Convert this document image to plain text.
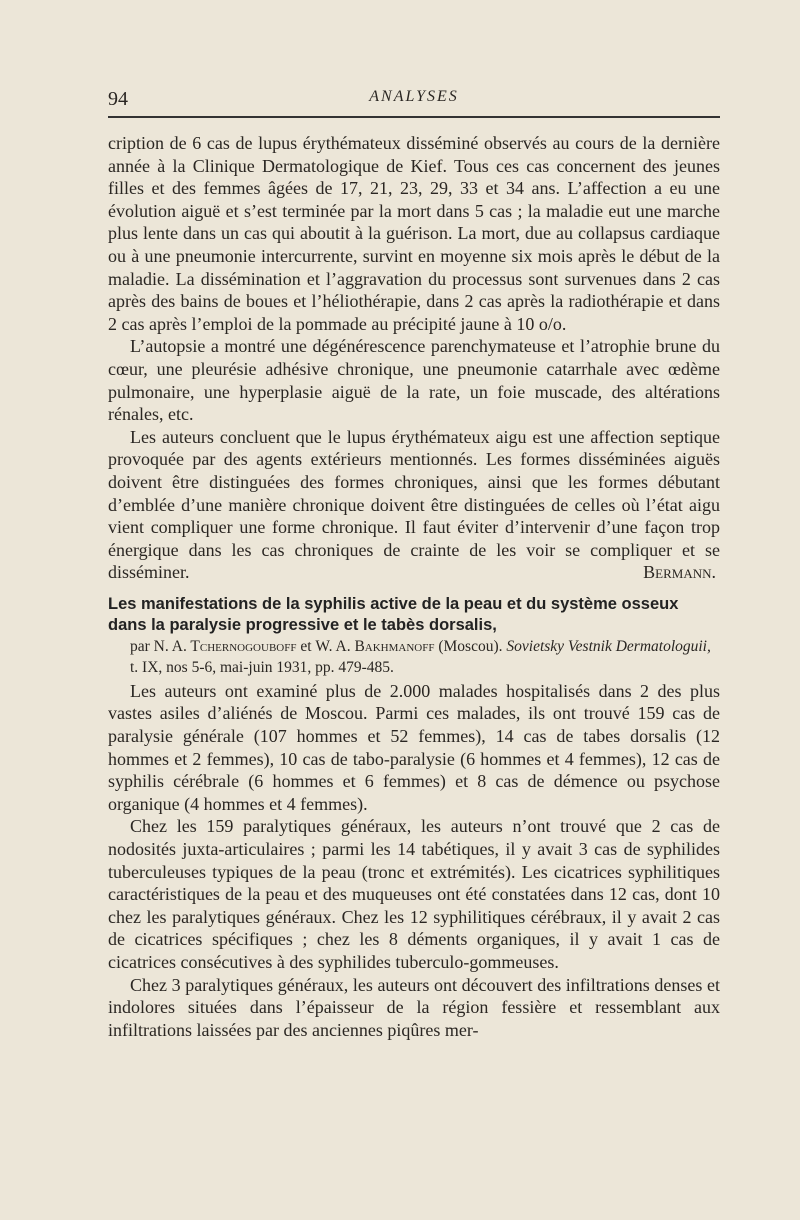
94	ANALYSES

cription de 6 cas de lupus érythémateux disséminé observés au cours de la dernière année à la Clinique Dermatologique de Kief. Tous ces cas concernent des jeunes filles et des femmes âgées de 17, 21, 23, 29, 33 et 34 ans. L’affection a eu une évolution aiguë et s’est terminée par la mort dans 5 cas ; la maladie eut une marche plus lente dans un cas qui aboutit à la guérison. La mort, due au collapsus cardiaque ou à une pneumonie intercurrente, survint en moyenne six mois après le début de la maladie. La dissémination et l’aggravation du processus sont survenues dans 2 cas après des bains de boues et l’héliothérapie, dans 2 cas après la radiothérapie et dans 2 cas après l’emploi de la pommade au précipité jaune à 10 o/o.

L’autopsie a montré une dégénérescence parenchymateuse et l’atrophie brune du cœur, une pleurésie adhésive chronique, une pneumonie catarrhale avec œdème pulmonaire, une hyperplasie aiguë de la rate, un foie muscade, des altérations rénales, etc.

Les auteurs concluent que le lupus érythémateux aigu est une affection septique provoquée par des agents extérieurs mentionnés. Les formes disséminées aiguës doivent être distinguées des formes chroniques, ainsi que les formes débutant d’emblée d’une manière chronique doivent être distinguées de celles où l’état aigu vient compliquer une forme chronique. Il faut éviter d’intervenir d’une façon trop énergique dans les cas chroniques de crainte de les voir se compliquer et se disséminer.	Bermann.
Les manifestations de la syphilis active de la peau et du système osseux dans la paralysie progressive et le tabès dorsalis,
par N. A. Tchernogouboff et W. A. Bakhmanoff (Moscou). Sovietsky Vestnik Dermatologuii, t. IX, nos 5-6, mai-juin 1931, pp. 479-485.

Les auteurs ont examiné plus de 2.000 malades hospitalisés dans 2 des plus vastes asiles d’aliénés de Moscou. Parmi ces malades, ils ont trouvé 159 cas de paralysie générale (107 hommes et 52 femmes), 14 cas de tabes dorsalis (12 hommes et 2 femmes), 10 cas de tabo-paralysie (6 hommes et 4 femmes), 12 cas de syphilis cérébrale (6 hommes et 6 femmes) et 8 cas de démence ou psychose organique (4 hommes et 4 femmes).

Chez les 159 paralytiques généraux, les auteurs n’ont trouvé que 2 cas de nodosités juxta-articulaires ; parmi les 14 tabétiques, il y avait 3 cas de syphilides tuberculeuses typiques de la peau (tronc et extrémités). Les cicatrices syphilitiques caractéristiques de la peau et des muqueuses ont été constatées dans 12 cas, dont 10 chez les paralytiques généraux. Chez les 12 syphilitiques cérébraux, il y avait 2 cas de cicatrices spécifiques ; chez les 8 déments organiques, il y avait 1 cas de cicatrices consécutives à des syphilides tuberculo-gommeuses.

Chez 3 paralytiques généraux, les auteurs ont découvert des infiltrations denses et indolores situées dans l’épaisseur de la région fessière et ressemblant aux infiltrations laissées par des anciennes piqûres mer-
